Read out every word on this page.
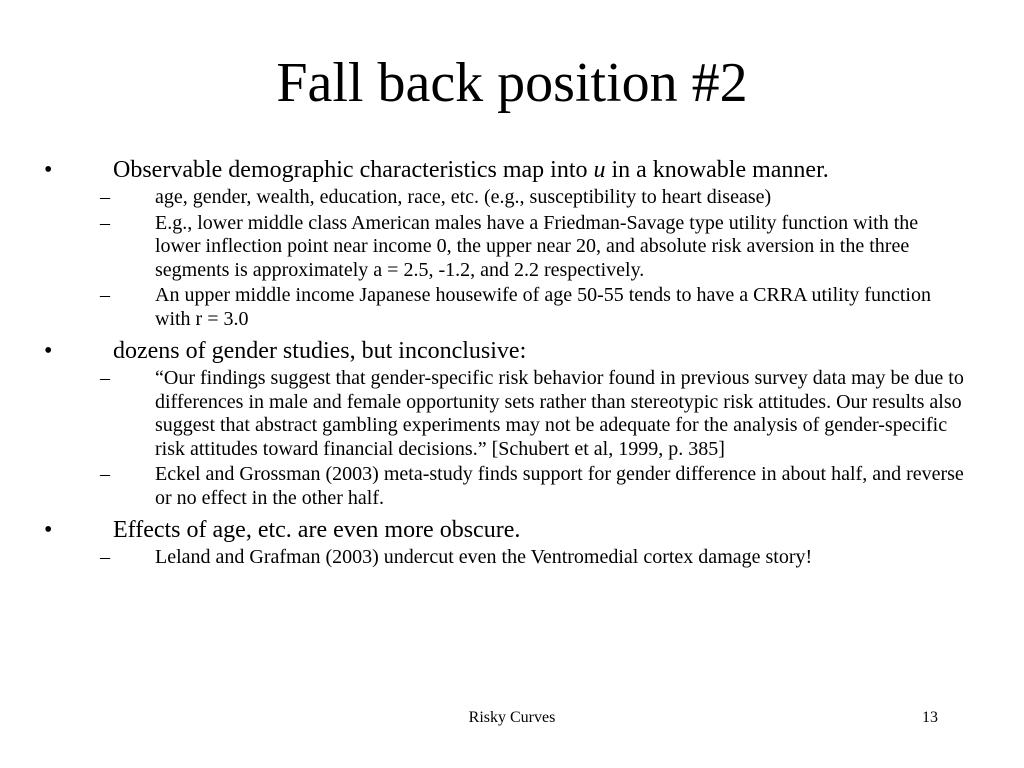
Fall back position #2
•	Observable demographic characteristics map into u in a knowable manner.
– age, gender, wealth, education, race, etc. (e.g., susceptibility to heart disease)
– E.g., lower middle class American males have a Friedman-Savage type utility function with the lower inflection point near income 0, the upper near 20, and absolute risk aversion in the three segments is approximately a = 2.5, -1.2, and 2.2 respectively.
– An upper middle income Japanese housewife of age 50-55 tends to have a CRRA utility function with r = 3.0
•	dozens of gender studies, but inconclusive:
– “Our findings suggest that gender-specific risk behavior found in previous survey data may be due to differences in male and female opportunity sets rather than stereotypic risk attitudes. Our results also suggest that abstract gambling experiments may not be adequate for the analysis of gender-specific risk attitudes toward financial decisions.” [Schubert et al, 1999, p. 385]
– Eckel and Grossman (2003) meta-study finds support for gender difference in about half, and reverse or no effect in the other half.
•	Effects of age, etc. are even more obscure.
– Leland and Grafman (2003) undercut even the Ventromedial cortex damage story!
Risky Curves	13
